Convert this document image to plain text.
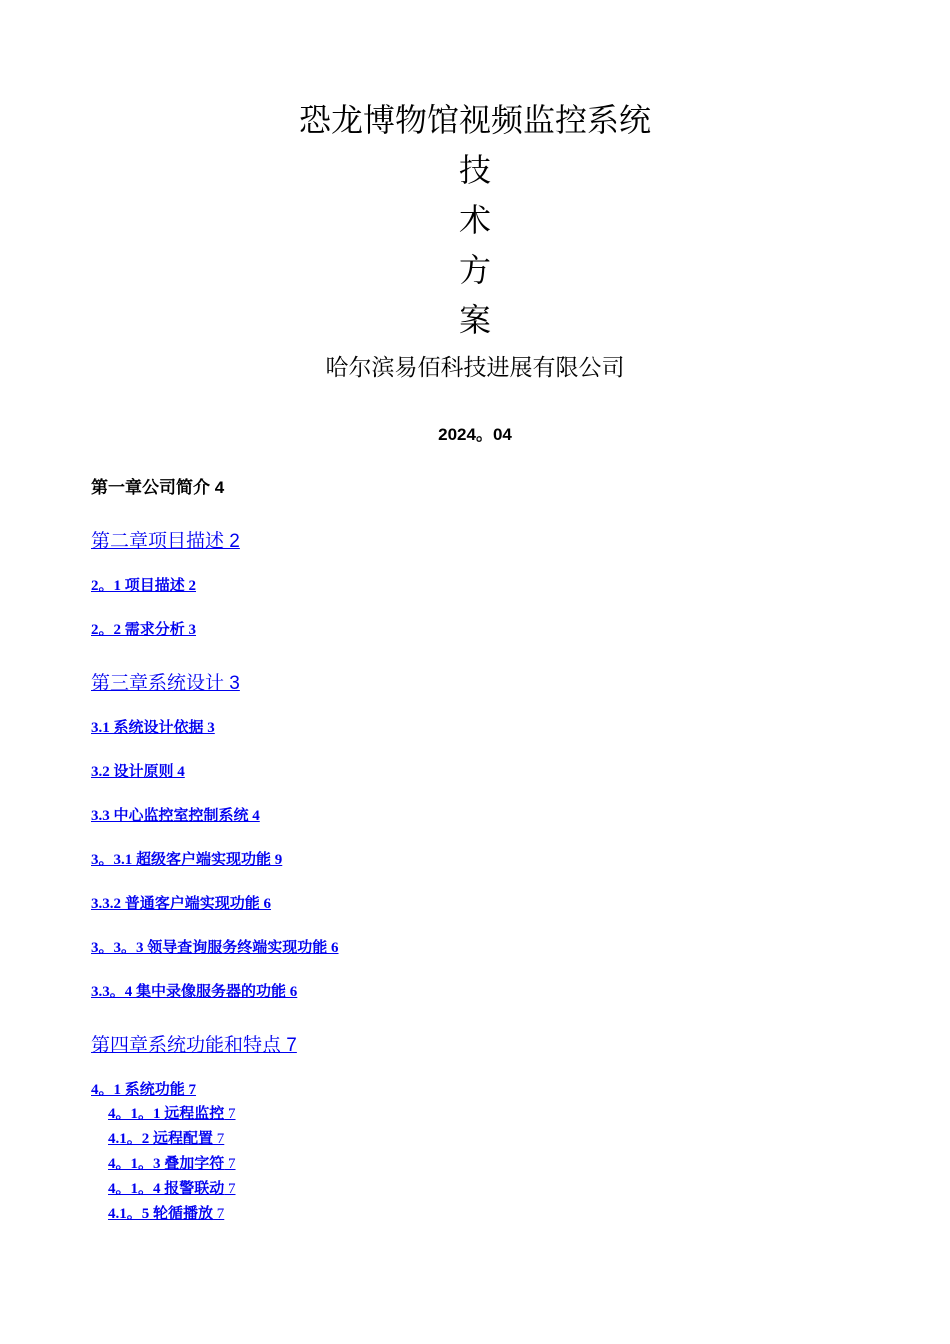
恐龙博物馆视频监控系统
技
术
方
案
哈尔滨易佰科技进展有限公司
2024。04
第一章公司简介 4
第二章项目描述 2
2。1 项目描述 2
2。2 需求分析 3
第三章系统设计 3
3.1 系统设计依据 3
3.2 设计原则 4
3.3 中心监控室控制系统 4
3。3.1 超级客户端实现功能 9
3.3.2 普通客户端实现功能 6
3。3。3 领导查询服务终端实现功能 6
3.3。4 集中录像服务器的功能 6
第四章系统功能和特点 7
4。1 系统功能 7
4。1。1 远程监控 7
4.1。2 远程配置 7
4。1。3 叠加字符 7
4。1。4 报警联动 7
4.1。5 轮循播放 7
